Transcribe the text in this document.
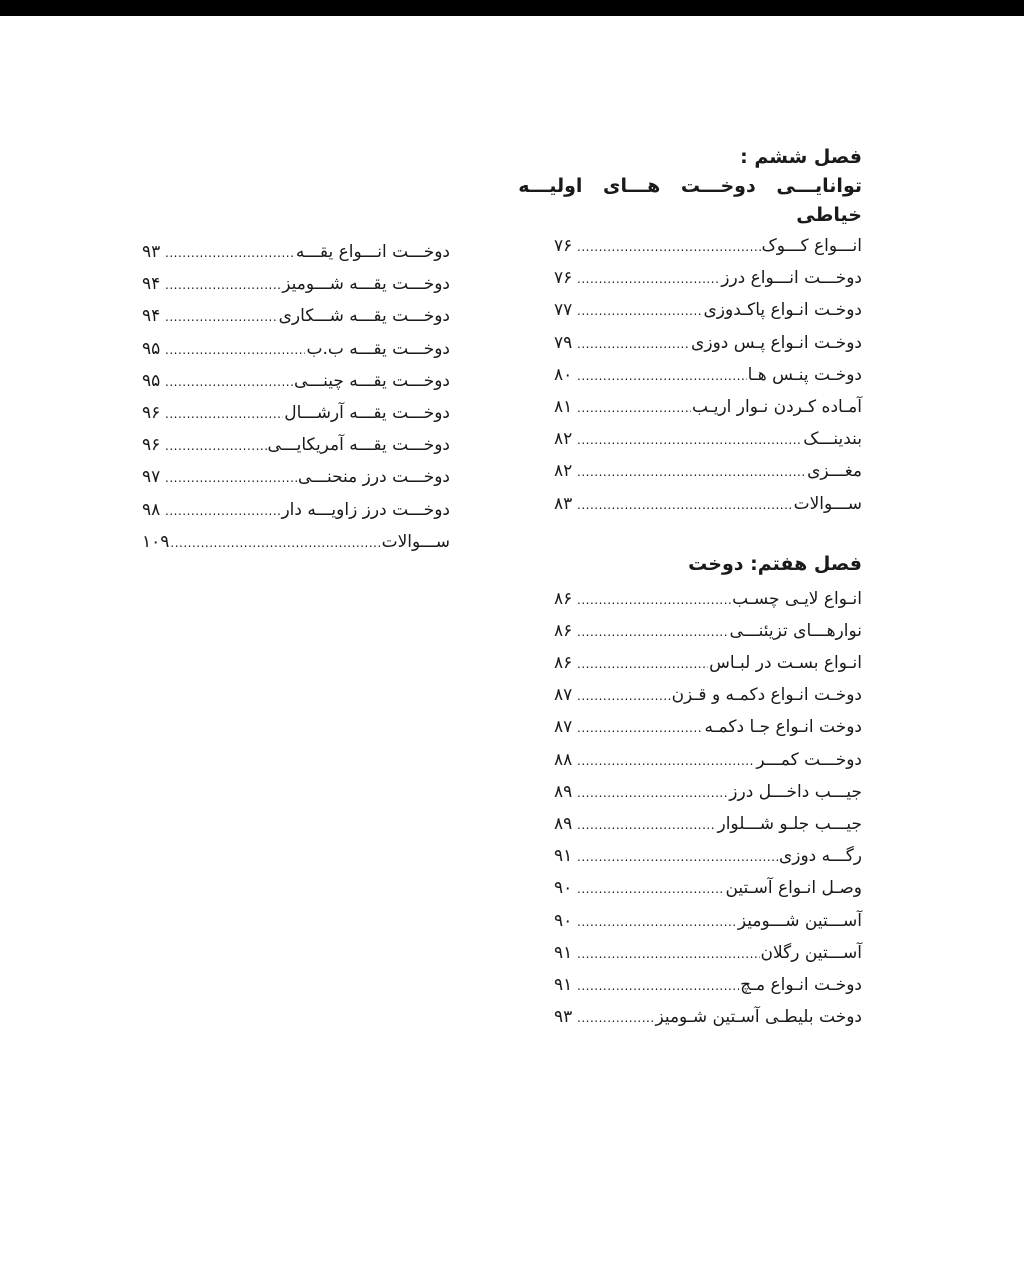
فصل ششم :
توانایـــی دوخـــت هـــای اولیـــه
خیاطی
انـــواع کـــوک
.....
۷۶
دوخـــت انـــواع درز
.....
۷۶
دوخـت انـواع پاکـدوزی
.....
۷۷
دوخـت انـواع پـس دوزی
.....
۷۹
دوخـت پنـس هـا
.....
۸۰
آمـاده کـردن نـوار اریـب
.....
۸۱
بندینـــک
.....
۸۲
مغـــزی
.....
۸۲
ســـوالات
.....
۸۳
فصل هفتم: دوخت
انـواع لایـی چسـب
.....
۸۶
نوارهـــای تزیئنـــی
.....
۸۶
انـواع بسـت در لبـاس
.....
۸۶
دوخـت انـواع دکمـه و قـزن
.....
۸۷
دوخت انـواع جـا دکمـه
.....
۸۷
دوخـــت کمـــر
.....
۸۸
جیـــب داخـــل درز
.....
۸۹
جیـــب جلـو شـــلوار
.....
۸۹
رگـــه دوزی
.....
۹۱
وصـل انـواع آسـتین
.....
۹۰
آســـتین شـــومیز
.....
۹۰
آســـتین رگلان
.....
۹۱
دوخـت انـواع مـچ
.....
۹۱
دوخت بلیطـی آسـتین شـومیز
.....
۹۳
دوخـــت انـــواع یقـــه
.....
۹۳
دوخـــت یقـــه شـــومیز
.....
۹۴
دوخـــت یقـــه شـــکاری
.....
۹۴
دوخـــت یقـــه ب.ب
.....
۹۵
دوخـــت یقـــه چینـــی
.....
۹۵
دوخـــت یقـــه آرشـــال
.....
۹۶
دوخـــت یقـــه آمریکایـــی
.....
۹۶
دوخـــت درز منحنـــی
.....
۹۷
دوخـــت درز زاویـــه دار
.....
۹۸
ســـوالات
.....
۱۰۹
